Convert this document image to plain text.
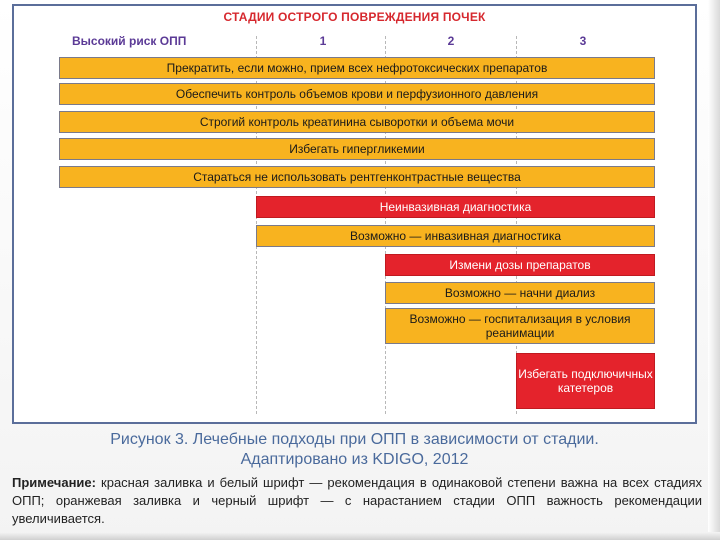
СТАДИИ ОСТРОГО ПОВРЕЖДЕНИЯ ПОЧЕК
Высокий риск ОПП	1	2	3
Прекратить, если можно, прием всех нефротоксических препаратов
Обеспечить контроль объемов крови и перфузионного давления
Строгий контроль креатинина сыворотки и объема мочи
Избегать гипергликемии
Стараться не использовать рентгенконтрастные вещества
Неинвазивная диагностика
Возможно — инвазивная диагностика
Измени дозы препаратов
Возможно — начни диализ
Возможно — госпитализация в условия реанимации
Избегать подключичных катетеров
Рисунок 3. Лечебные подходы при ОПП в зависимости от стадии.
Адаптировано из KDIGO, 2012
Примечание: красная заливка и белый шрифт — рекомендация в одинаковой степени важна на всех стадиях ОПП; оранжевая заливка и черный шрифт — с нарастанием стадии ОПП важность рекомендации увеличивается.
